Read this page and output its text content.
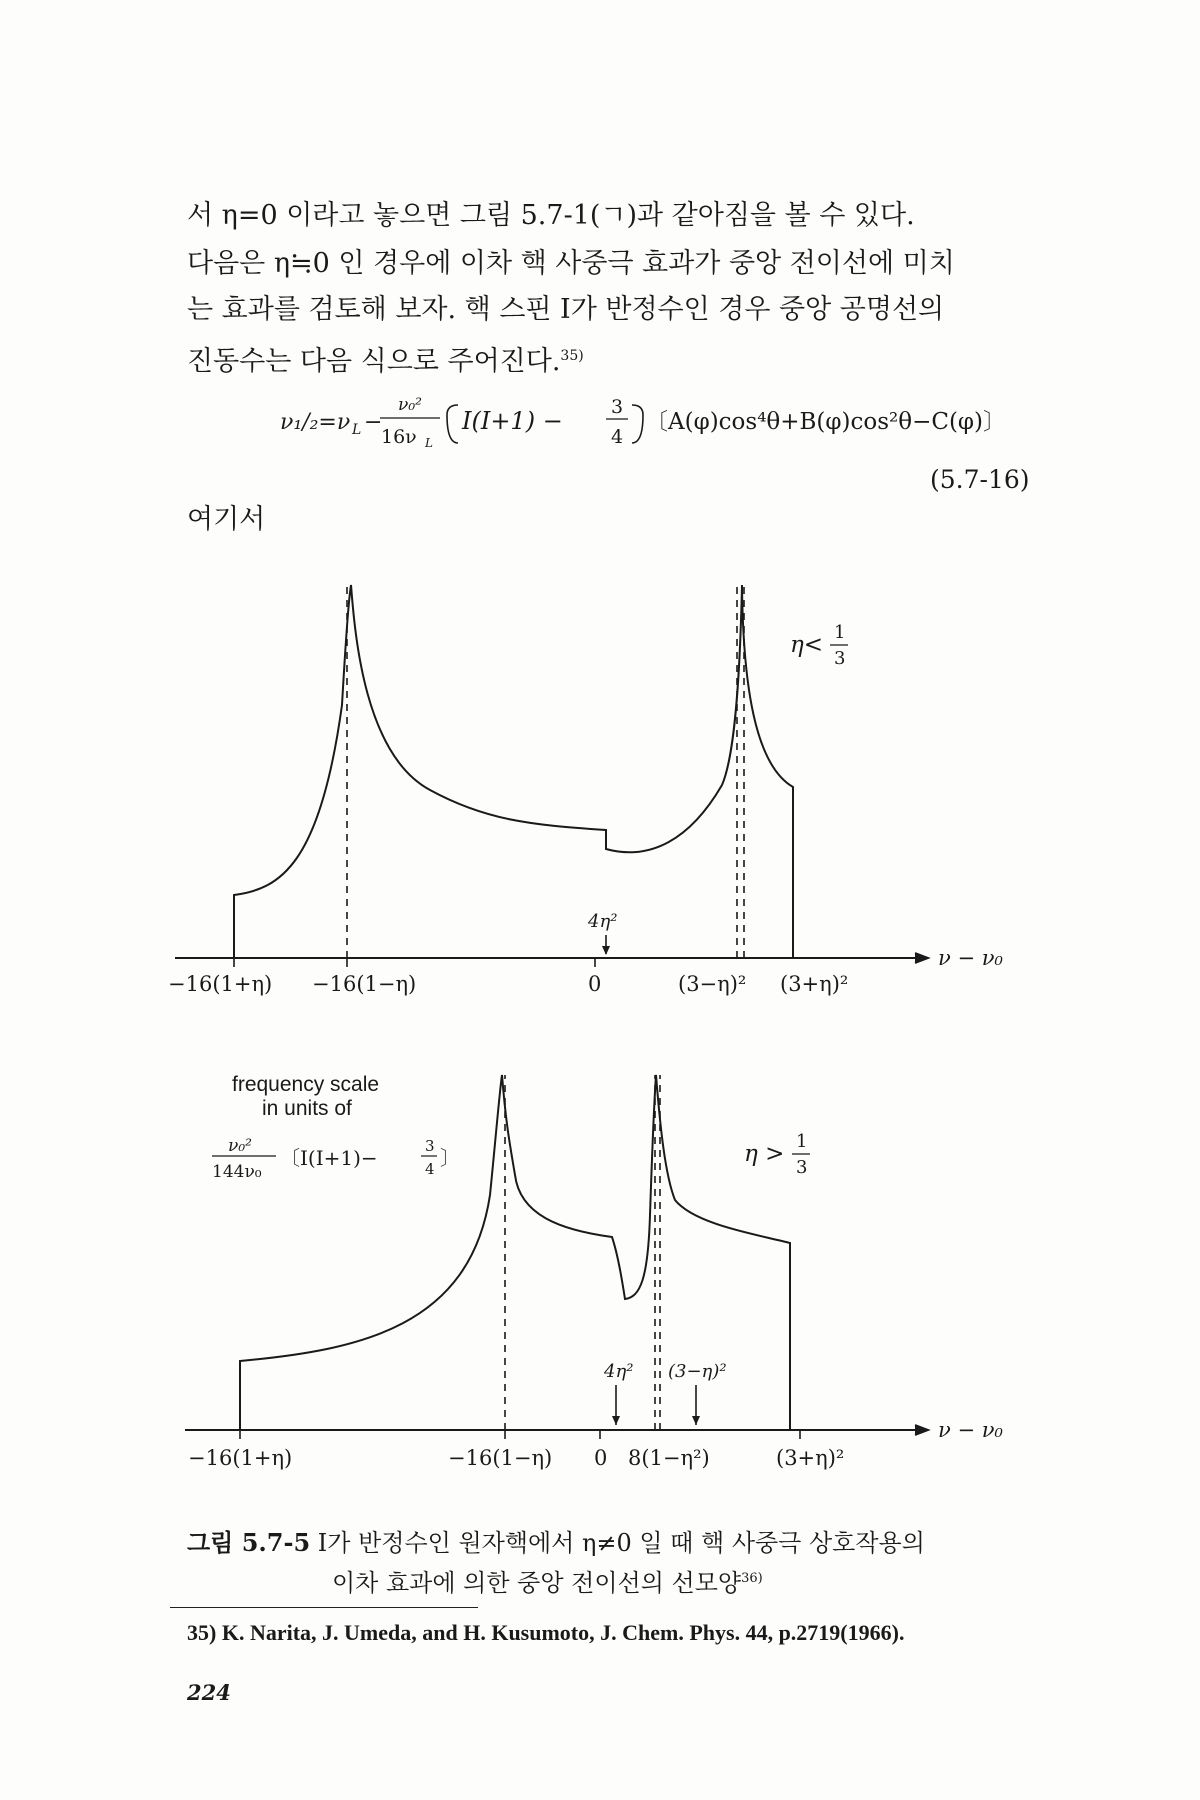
서 η=0 이라고 놓으면 그림 5.7-1(ㄱ)과 같아짐을 볼 수 있다.

다음은 η≒0 인 경우에 이차 핵 사중극 효과가 중앙 전이선에 미치

는 효과를 검토해 보자. 핵 스핀 I가 반정수인 경우 중앙 공명선의

진동수는 다음 식으로 주어진다.$^{35)}$

ν₁/₂=ν L −
ν₀²
16ν L
I(I+1) −	3
4
〔A(φ)cos⁴θ+B(φ)cos²θ−C(φ)〕
(5.7-16)
여기서
4η²
η< 1
3
ν − ν₀
−16(1+η) −16(1−η)	0	(3−η)² (3+η)²
4η² (3−η)²
frequency scale
in units of
ν₀²
144ν₀
〔I(I+1)−	3
4 〕	η > 1
3
ν − ν₀
−16(1+η)	−16(1−η) 0 8(1−η²)	(3+η)²

그림 5.7-5 I가 반정수인 원자핵에서 η≠0 일 때 핵 사중극 상호작용의
이차 효과에 의한 중앙 전이선의 선모양$^{36)}$

35) K. Narita, J. Umeda, and H. Kusumoto, J. Chem. Phys. 44, p.2719(1966).
224
